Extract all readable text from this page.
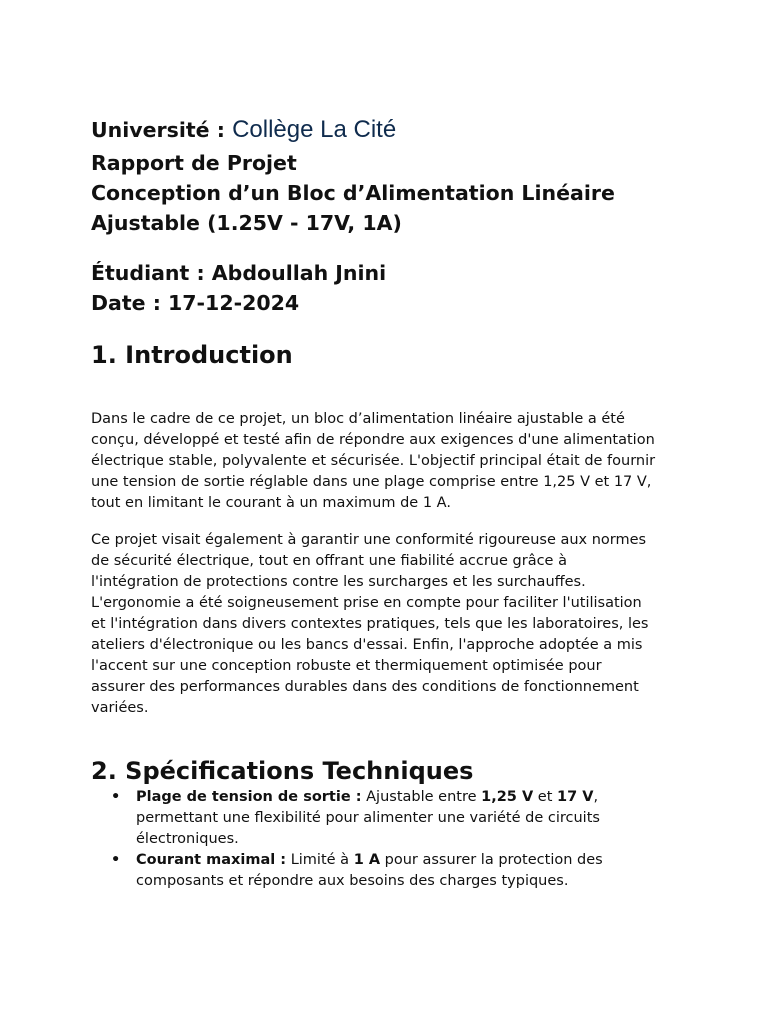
Université : Collège La Cité
Rapport de Projet
Conception d’un Bloc d’Alimentation Linéaire
Ajustable (1.25V - 17V, 1A)
Étudiant : Abdoullah Jnini
Date : 17-12-2024
1. Introduction

Dans le cadre de ce projet, un bloc d’alimentation linéaire ajustable a été
conçu, développé et testé afin de répondre aux exigences d'une alimentation
électrique stable, polyvalente et sécurisée. L'objectif principal était de fournir
une tension de sortie réglable dans une plage comprise entre 1,25 V et 17 V,
tout en limitant le courant à un maximum de 1 A.

Ce projet visait également à garantir une conformité rigoureuse aux normes
de sécurité électrique, tout en offrant une fiabilité accrue grâce à
l'intégration de protections contre les surcharges et les surchauffes.
L'ergonomie a été soigneusement prise en compte pour faciliter l'utilisation
et l'intégration dans divers contextes pratiques, tels que les laboratoires, les
ateliers d'électronique ou les bancs d'essai. Enfin, l'approche adoptée a mis
l'accent sur une conception robuste et thermiquement optimisée pour
assurer des performances durables dans des conditions de fonctionnement
variées.

2. Spécifications Techniques
• Plage de tension de sortie : Ajustable entre 1,25 V et 17 V,
permettant une flexibilité pour alimenter une variété de circuits
électroniques.
• Courant maximal : Limité à 1 A pour assurer la protection des
composants et répondre aux besoins des charges typiques.
